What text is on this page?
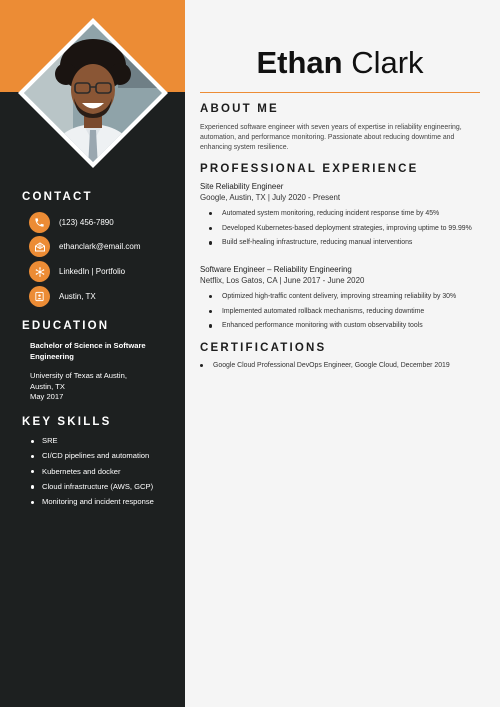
CONTACT
(123) 456-7890
ethanclark@email.com
LinkedIn | Portfolio
Austin, TX
EDUCATION
Bachelor of Science in Software Engineering
University of Texas at Austin,
Austin, TX
May 2017
KEY SKILLS
SRE
CI/CD pipelines and automation
Kubernetes and docker
Cloud infrastructure (AWS, GCP)
Monitoring and incident response
Ethan Clark
ABOUT ME
Experienced software engineer with seven years of expertise in reliability engineering, automation, and performance monitoring. Passionate about reducing downtime and enhancing system resilience.
PROFESSIONAL EXPERIENCE
Site Reliability Engineer
Google, Austin, TX | July 2020 - Present
Automated system monitoring, reducing incident response time by 45%
Developed Kubernetes-based deployment strategies, improving uptime to 99.99%
Build self-healing infrastructure, reducing manual interventions
Software Engineer – Reliability Engineering
Netflix, Los Gatos, CA | June 2017 - June 2020
Optimized high-traffic content delivery, improving streaming reliability by 30%
Implemented automated rollback mechanisms, reducing downtime
Enhanced performance monitoring with custom observability tools
CERTIFICATIONS
Google Cloud Professional DevOps Engineer, Google Cloud, December 2019
